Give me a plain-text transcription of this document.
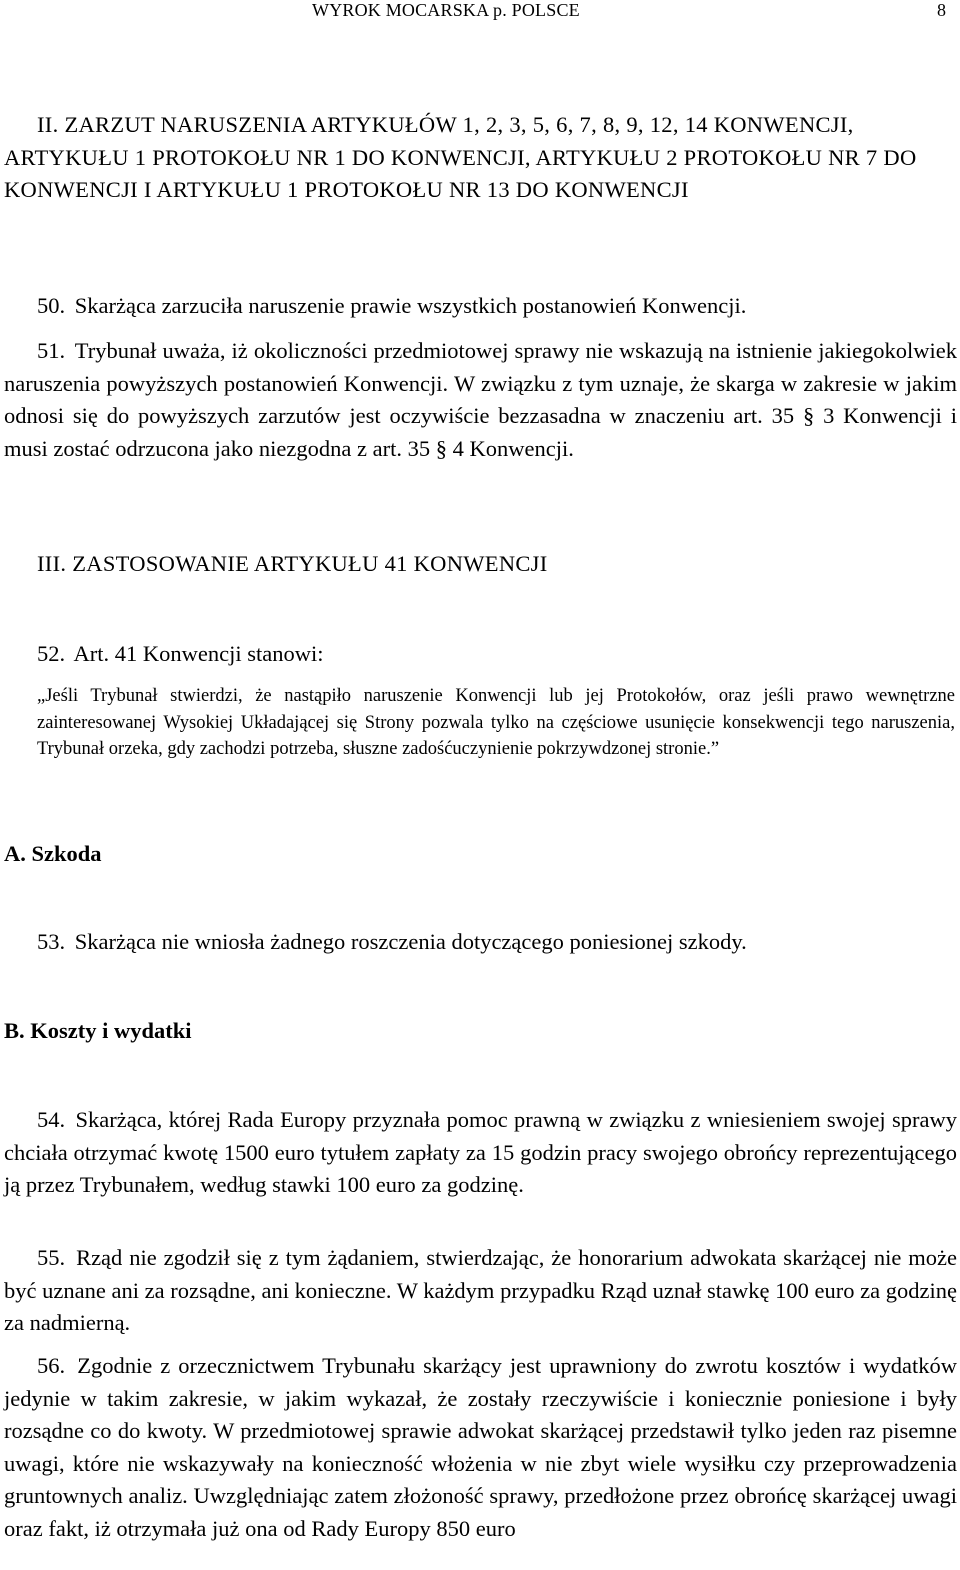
WYROK MOCARSKA p. POLSCE	8
II. ZARZUT NARUSZENIA ARTYKUŁÓW 1, 2, 3, 5, 6, 7, 8, 9, 12, 14 KONWENCJI, ARTYKUŁU 1 PROTOKOŁU NR 1 DO KONWENCJI, ARTYKUŁU 2 PROTOKOŁU NR 7 DO KONWENCJI I ARTYKUŁU 1 PROTOKOŁU NR 13 DO KONWENCJI
50. Skarżąca zarzuciła naruszenie prawie wszystkich postanowień Konwencji.
51. Trybunał uważa, iż okoliczności przedmiotowej sprawy nie wskazują na istnienie jakiegokolwiek naruszenia powyższych postanowień Konwencji. W związku z tym uznaje, że skarga w zakresie w jakim odnosi się do powyższych zarzutów jest oczywiście bezzasadna w znaczeniu art. 35 § 3 Konwencji i musi zostać odrzucona jako niezgodna z art. 35 § 4 Konwencji.
III. ZASTOSOWANIE ARTYKUŁU 41 KONWENCJI
52. Art. 41 Konwencji stanowi:
„Jeśli Trybunał stwierdzi, że nastąpiło naruszenie Konwencji lub jej Protokołów, oraz jeśli prawo wewnętrzne zainteresowanej Wysokiej Układającej się Strony pozwala tylko na częściowe usunięcie konsekwencji tego naruszenia, Trybunał orzeka, gdy zachodzi potrzeba, słuszne zadośćuczynienie pokrzywdzonej stronie.”
A. Szkoda
53. Skarżąca nie wniosła żadnego roszczenia dotyczącego poniesionej szkody.
B. Koszty i wydatki
54. Skarżąca, której Rada Europy przyznała pomoc prawną w związku z wniesieniem swojej sprawy chciała otrzymać kwotę 1500 euro tytułem zapłaty za 15 godzin pracy swojego obrońcy reprezentującego ją przez Trybunałem, według stawki 100 euro za godzinę.
55. Rząd nie zgodził się z tym żądaniem, stwierdzając, że honorarium adwokata skarżącej nie może być uznane ani za rozsądne, ani konieczne. W każdym przypadku Rząd uznał stawkę 100 euro za godzinę za nadmierną.
56. Zgodnie z orzecznictwem Trybunału skarżący jest uprawniony do zwrotu kosztów i wydatków jedynie w takim zakresie, w jakim wykazał, że zostały rzeczywiście i koniecznie poniesione i były rozsądne co do kwoty. W przedmiotowej sprawie adwokat skarżącej przedstawił tylko jeden raz pisemne uwagi, które nie wskazywały na konieczność włożenia w nie zbyt wiele wysiłku czy przeprowadzenia gruntownych analiz. Uwzględniając zatem złożoność sprawy, przedłożone przez obrońcę skarżącej uwagi oraz fakt, iż otrzymała już ona od Rady Europy 850 euro
